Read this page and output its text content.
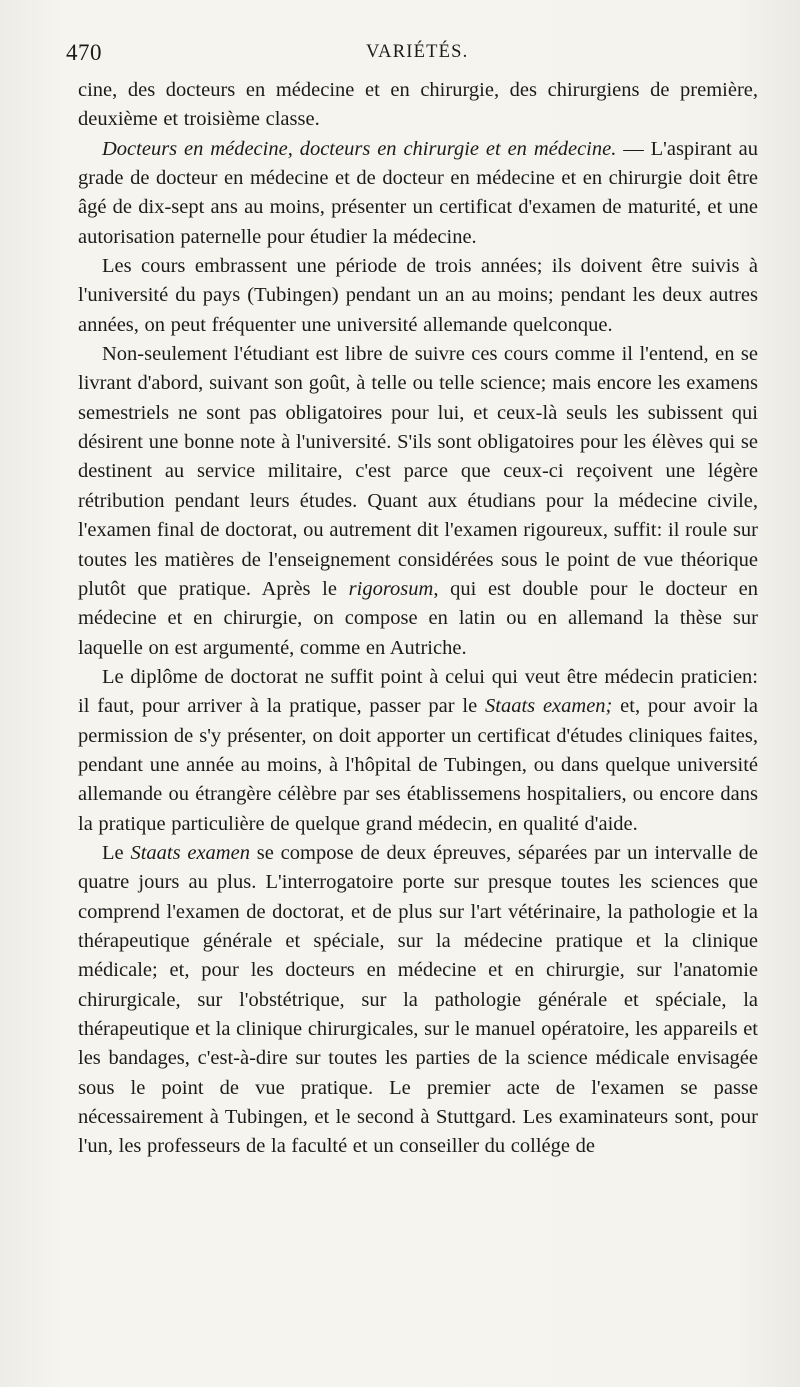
470	VARIÉTÉS.

cine, des docteurs en médecine et en chirurgie, des chirurgiens de première, deuxième et troisième classe.

Docteurs en médecine, docteurs en chirurgie et en médecine. — L'aspirant au grade de docteur en médecine et de docteur en médecine et en chirurgie doit être âgé de dix-sept ans au moins, présenter un certificat d'examen de maturité, et une autorisation paternelle pour étudier la médecine.

Les cours embrassent une période de trois années; ils doivent être suivis à l'université du pays (Tubingen) pendant un an au moins; pendant les deux autres années, on peut fréquenter une université allemande quelconque.

Non-seulement l'étudiant est libre de suivre ces cours comme il l'entend, en se livrant d'abord, suivant son goût, à telle ou telle science; mais encore les examens semestriels ne sont pas obligatoires pour lui, et ceux-là seuls les subissent qui désirent une bonne note à l'université. S'ils sont obligatoires pour les élèves qui se destinent au service militaire, c'est parce que ceux-ci reçoivent une légère rétribution pendant leurs études. Quant aux étudians pour la médecine civile, l'examen final de doctorat, ou autrement dit l'examen rigoureux, suffit: il roule sur toutes les matières de l'enseignement considérées sous le point de vue théorique plutôt que pratique. Après le rigorosum, qui est double pour le docteur en médecine et en chirurgie, on compose en latin ou en allemand la thèse sur laquelle on est argumenté, comme en Autriche.

Le diplôme de doctorat ne suffit point à celui qui veut être médecin praticien: il faut, pour arriver à la pratique, passer par le Staats examen; et, pour avoir la permission de s'y présenter, on doit apporter un certificat d'études cliniques faites, pendant une année au moins, à l'hôpital de Tubingen, ou dans quelque université allemande ou étrangère célèbre par ses établissemens hospitaliers, ou encore dans la pratique particulière de quelque grand médecin, en qualité d'aide.

Le Staats examen se compose de deux épreuves, séparées par un intervalle de quatre jours au plus. L'interrogatoire porte sur presque toutes les sciences que comprend l'examen de doctorat, et de plus sur l'art vétérinaire, la pathologie et la thérapeutique générale et spéciale, sur la médecine pratique et la clinique médicale; et, pour les docteurs en médecine et en chirurgie, sur l'anatomie chirurgicale, sur l'obstétrique, sur la pathologie générale et spéciale, la thérapeutique et la clinique chirurgicales, sur le manuel opératoire, les appareils et les bandages, c'est-à-dire sur toutes les parties de la science médicale envisagée sous le point de vue pratique. Le premier acte de l'examen se passe nécessairement à Tubingen, et le second à Stuttgard. Les examinateurs sont, pour l'un, les professeurs de la faculté et un conseiller du collége de
